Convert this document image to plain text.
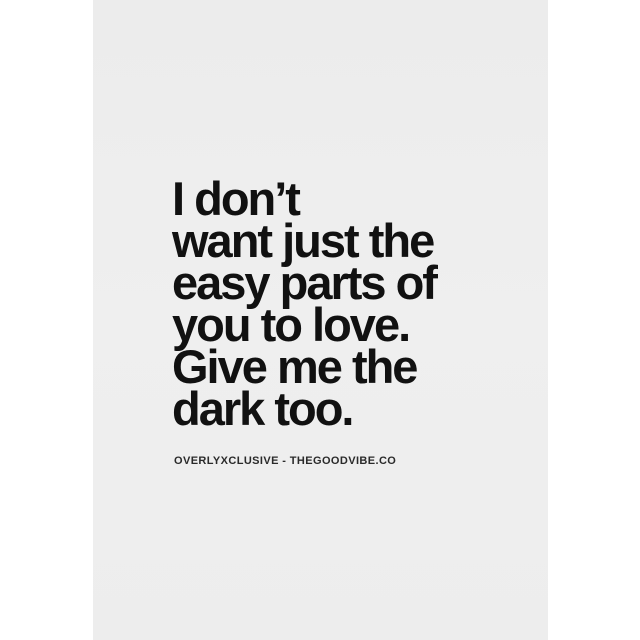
I don’t
want just the
easy parts of
you to love.
Give me the
dark too.

OVERLYXCLUSIVE - THEGOODVIBE.CO
